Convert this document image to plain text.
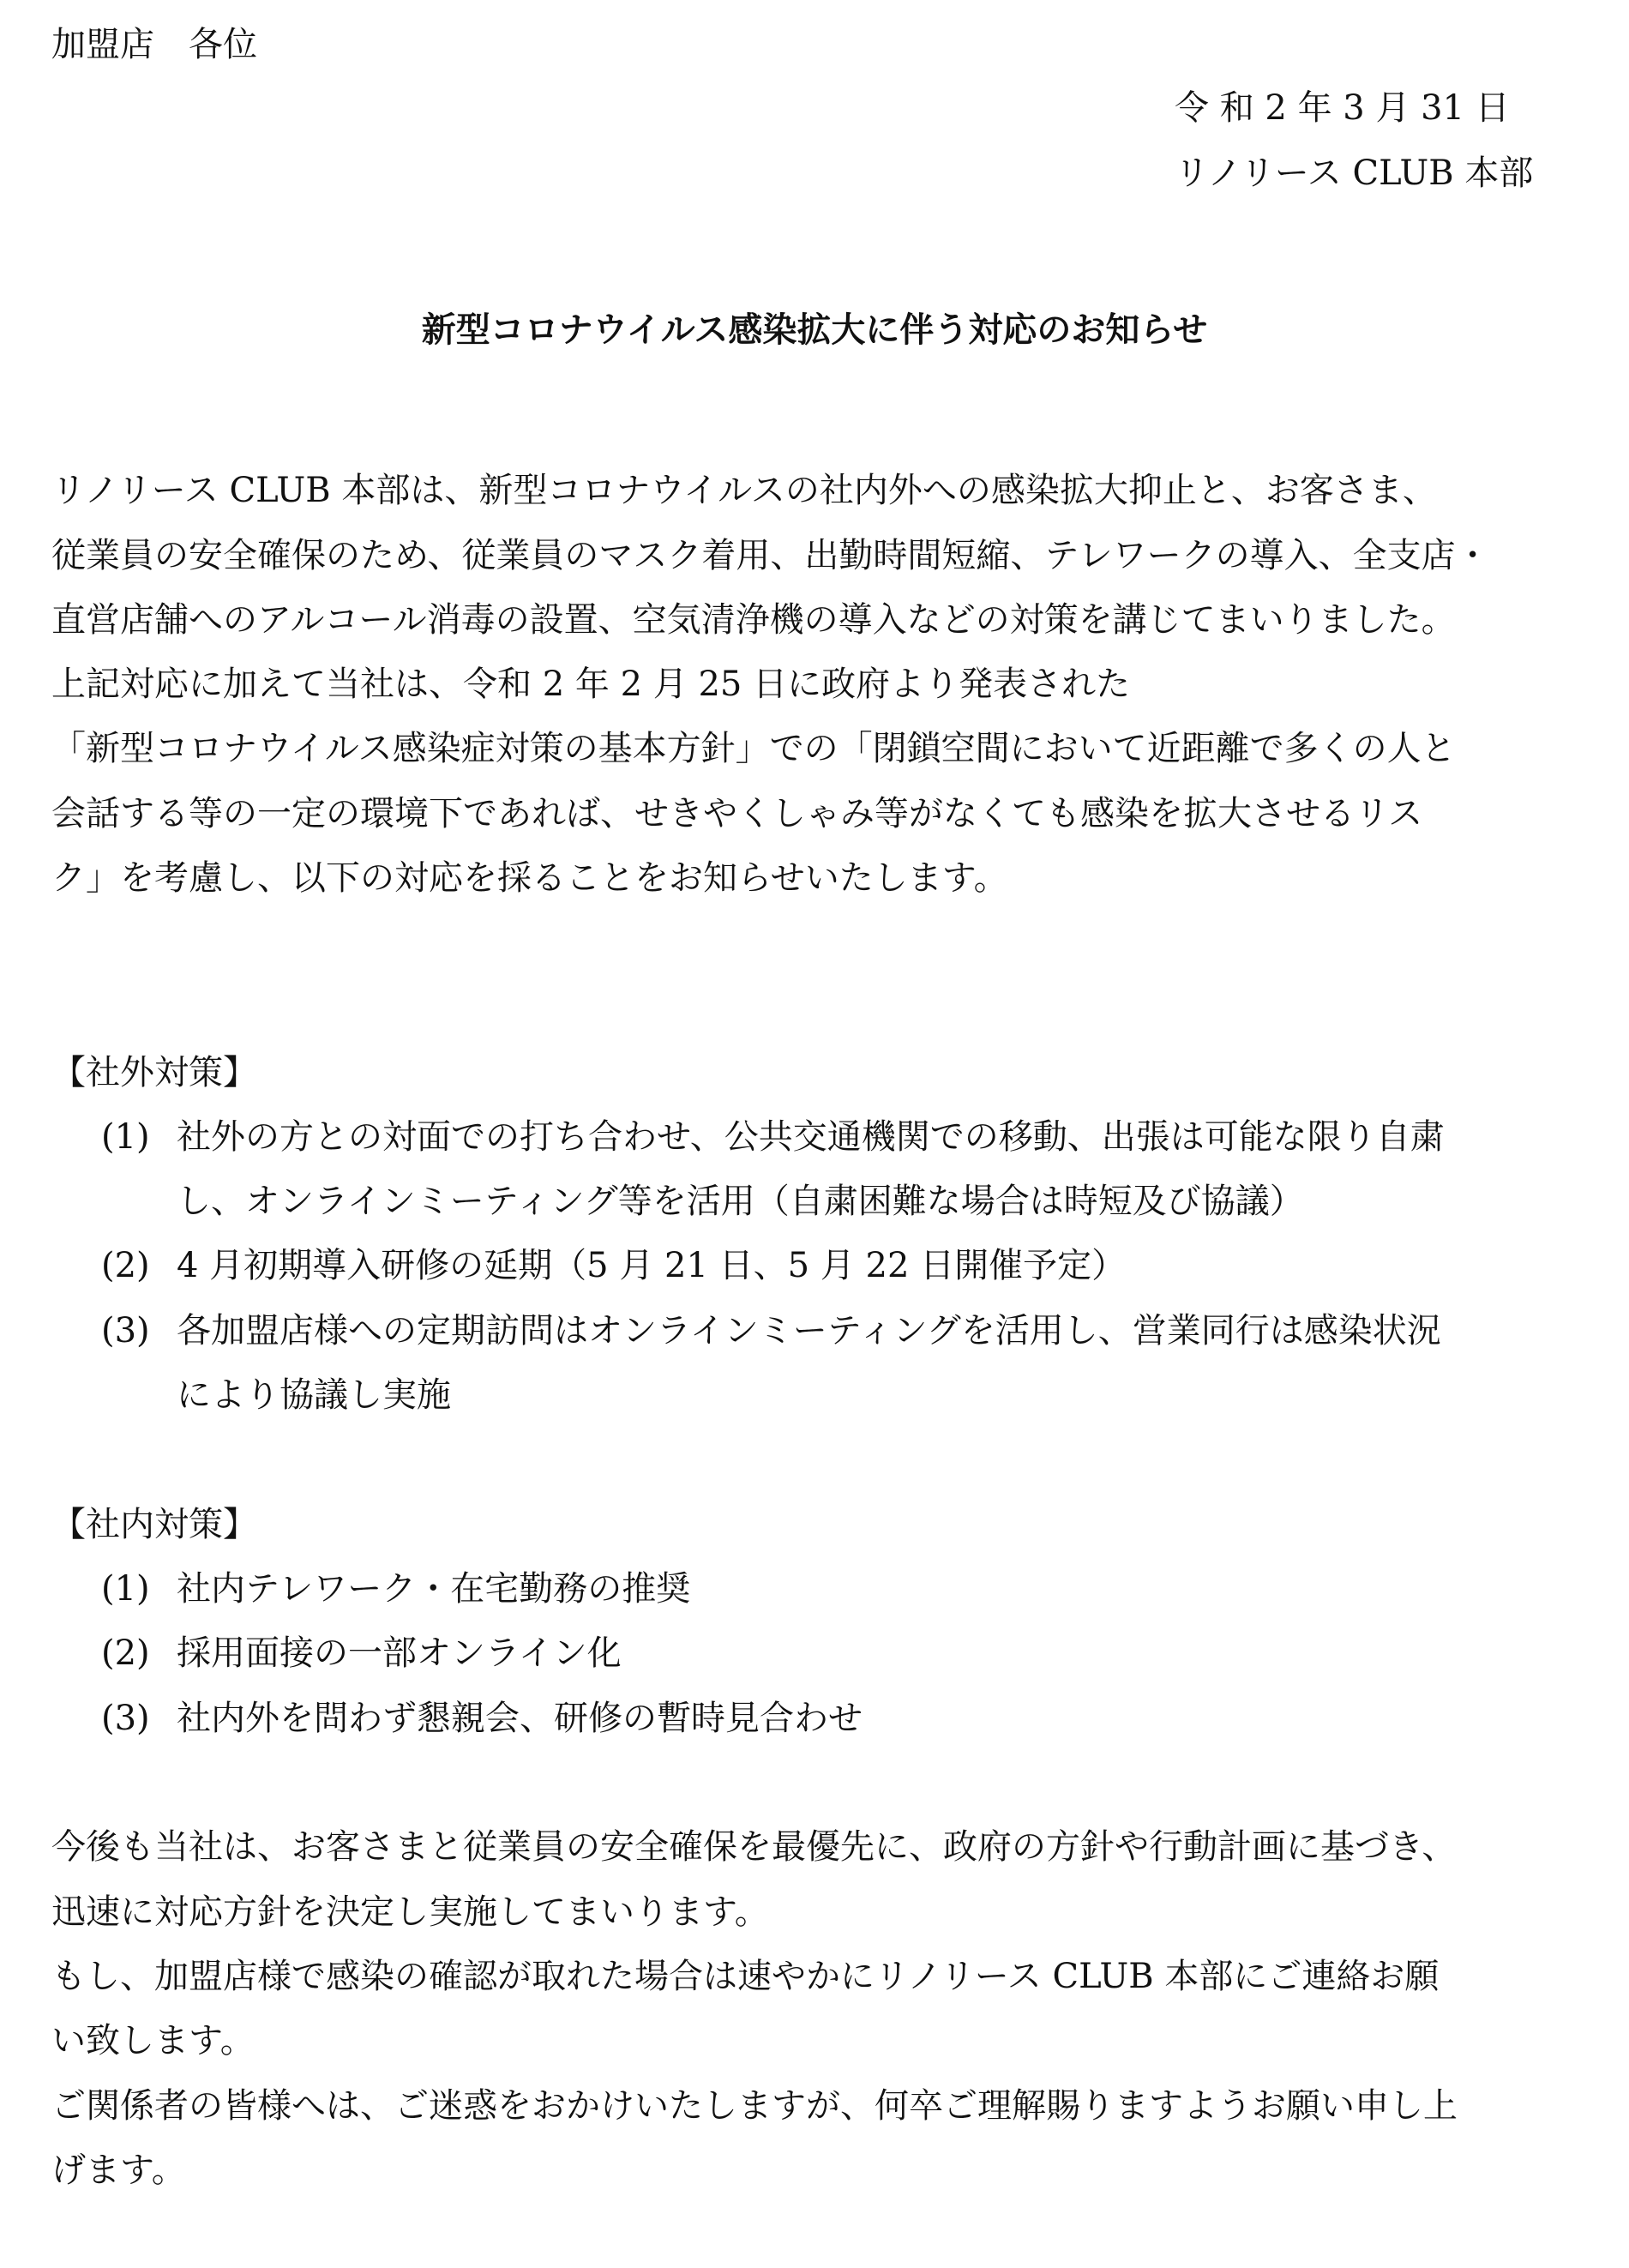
加盟店　各位
令 和 2 年 3 月 31 日
リノリース CLUB 本部
新型コロナウイルス感染拡大に伴う対応のお知らせ
リノリース CLUB 本部は、新型コロナウイルスの社内外への感染拡大抑止と、お客さま、
従業員の安全確保のため、従業員のマスク着用、出勤時間短縮、テレワークの導入、全支店・
直営店舗へのアルコール消毒の設置、空気清浄機の導入などの対策を講じてまいりました。
上記対応に加えて当社は、令和 2 年 2 月 25 日に政府より発表された
「新型コロナウイルス感染症対策の基本方針」での「閉鎖空間において近距離で多くの人と
会話する等の一定の環境下であれば、せきやくしゃみ等がなくても感染を拡大させるリス
ク」を考慮し、以下の対応を採ることをお知らせいたします。
【社外対策】
(1) 社外の方との対面での打ち合わせ、公共交通機関での移動、出張は可能な限り自粛
し、オンラインミーティング等を活用（自粛困難な場合は時短及び協議）
(2) 4 月初期導入研修の延期（5 月 21 日、5 月 22 日開催予定）
(3) 各加盟店様への定期訪問はオンラインミーティングを活用し、営業同行は感染状況
により協議し実施
【社内対策】
(1) 社内テレワーク・在宅勤務の推奨
(2) 採用面接の一部オンライン化
(3) 社内外を問わず懇親会、研修の暫時見合わせ
今後も当社は、お客さまと従業員の安全確保を最優先に、政府の方針や行動計画に基づき、
迅速に対応方針を決定し実施してまいります。
もし、加盟店様で感染の確認が取れた場合は速やかにリノリース CLUB 本部にご連絡お願
い致します。
ご関係者の皆様へは、ご迷惑をおかけいたしますが、何卒ご理解賜りますようお願い申し上
げます。
